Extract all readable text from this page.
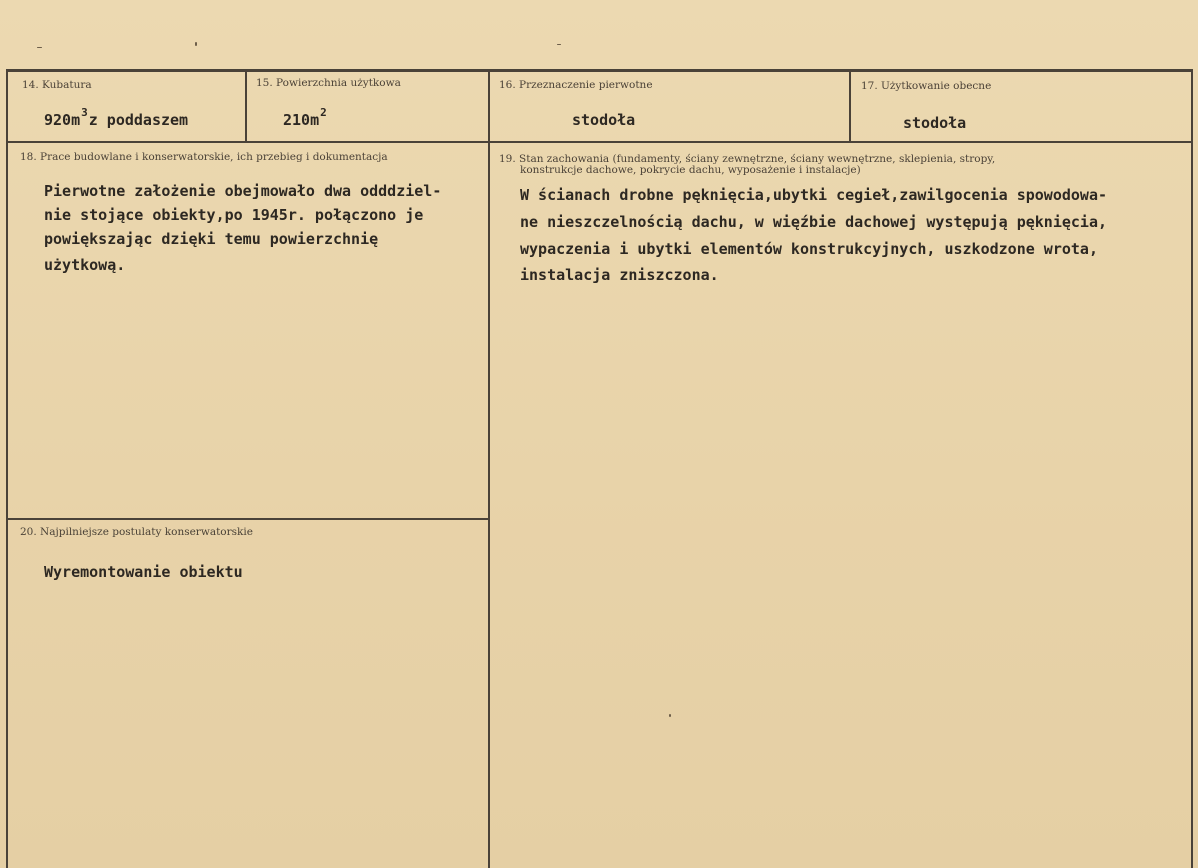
14. Kubatura
$920m^3z$ poddaszem
15. Powierzchnia użytkowa
$210m^2$
16. Przeznaczenie pierwotne
stodoła
17. Użytkowanie obecne
stodoła
18. Prace budowlane i konserwatorskie, ich przebieg i dokumentacja
Pierwotne założenie obejmowało dwa odddziel-
nie stojące obiekty,po 1945r. połączono je
powiększając dzięki temu powierzchnię
użytkową.
19. Stan zachowania (fundamenty, ściany zewnętrzne, ściany wewnętrzne, sklepienia, stropy,
konstrukcje dachowe, pokrycie dachu, wyposażenie i instalacje)
W ścianach drobne pęknięcia,ubytki cegieł,zawilgocenia spowodowa-
ne nieszczelnością dachu, w więźbie dachowej występują pęknięcia,
wypaczenia i ubytki elementów konstrukcyjnych, uszkodzone wrota,
instalacja zniszczona.
20. Najpilniejsze postulaty konserwatorskie
Wyremontowanie obiektu
